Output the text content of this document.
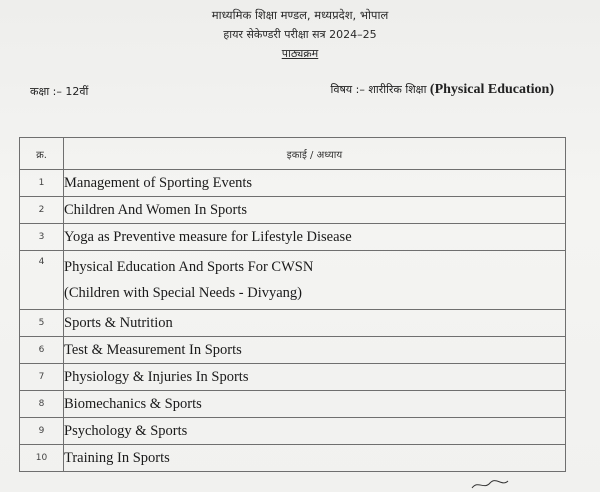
माध्यमिक शिक्षा मण्डल, मध्यप्रदेश, भोपाल
हायर सेकेण्डरी परीक्षा सत्र 2024–25
पाठ्यक्रम
कक्षा :– 12वीं	विषय :– शारीरिक शिक्षा (Physical Education)
क्र.	इकाई / अध्याय
1	Management of Sporting Events
2	Children And Women In Sports
3	Yoga as Preventive measure for Lifestyle Disease
4	Physical Education And Sports For CWSN
(Children with Special Needs - Divyang)

5	Sports & Nutrition
6	Test & Measurement In Sports
7	Physiology & Injuries In Sports
8	Biomechanics & Sports
9	Psychology & Sports
10	Training In Sports
